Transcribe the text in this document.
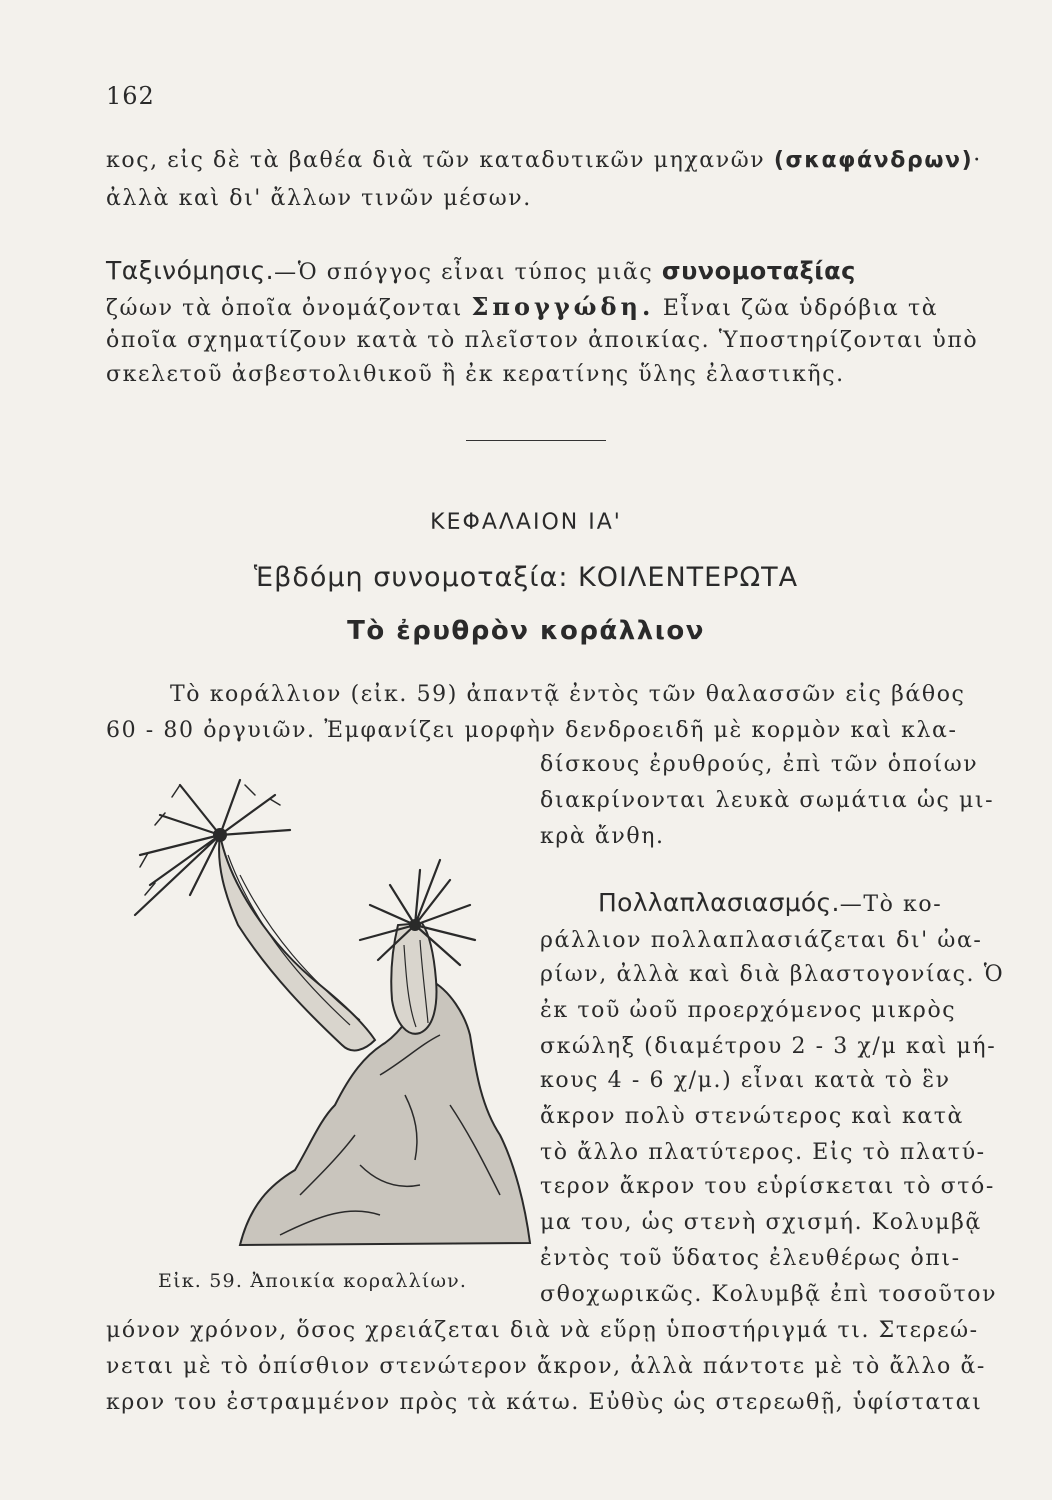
162
κος, εἰς δὲ τὰ βαθέα διὰ τῶν καταδυτικῶν μηχανῶν (σκαφάνδρων)·
ἀλλὰ καὶ δι' ἄλλων τινῶν μέσων.
Ταξινόμησις.—Ὁ σπόγγος εἶναι τύπος μιᾶς συνομοταξίας
ζώων τὰ ὁποῖα ὀνομάζονται Σπογγώδη. Εἶναι ζῶα ὑδρόβια τὰ
ὁποῖα σχηματίζουν κατὰ τὸ πλεῖστον ἀποικίας. Ὑποστηρίζονται ὑπὸ
σκελετοῦ ἀσβεστολιθικοῦ ἢ ἐκ κερατίνης ὕλης ἐλαστικῆς.
ΚΕΦΑΛΑΙΟΝ ΙΑ'
Ἑβδόμη συνομοταξία: ΚΟΙΛΕΝΤΕΡΩΤΑ
Τὸ ἐρυθρὸν κοράλλιον
Τὸ κοράλλιον (εἰκ. 59) ἀπαντᾷ ἐντὸς τῶν θαλασσῶν εἰς βάθος
60 - 80 ὀργυιῶν. Ἐμφανίζει μορφὴν δενδροειδῆ μὲ κορμὸν καὶ κλα-
δίσκους ἐρυθρούς, ἐπὶ τῶν ὁποίων
διακρίνονται λευκὰ σωμάτια ὡς μι-
κρὰ ἄνθη.
Πολλαπλασιασμός.—Τὸ κο-
ράλλιον πολλαπλασιάζεται δι' ὠα-
ρίων, ἀλλὰ καὶ διὰ βλαστογονίας. Ὁ
ἐκ τοῦ ὠοῦ προερχόμενος μικρὸς
σκώληξ (διαμέτρου 2 - 3 χ/μ καὶ μή-
κους 4 - 6 χ/μ.) εἶναι κατὰ τὸ ἓν
ἄκρον πολὺ στενώτερος καὶ κατὰ
τὸ ἄλλο πλατύτερος. Εἰς τὸ πλατύ-
τερον ἄκρον του εὑρίσκεται τὸ στό-
μα του, ὡς στενὴ σχισμή. Κολυμβᾷ
ἐντὸς τοῦ ὕδατος ἐλευθέρως ὀπι-
σθοχωρικῶς. Κολυμβᾷ ἐπὶ τοσοῦτον
Εἰκ. 59. Ἀποικία κοραλλίων.
μόνον χρόνον, ὅσος χρειάζεται διὰ νὰ εὕρῃ ὑποστήριγμά τι. Στερεώ-
νεται μὲ τὸ ὀπίσθιον στενώτερον ἄκρον, ἀλλὰ πάντοτε μὲ τὸ ἄλλο ἄ-
κρον του ἐστραμμένον πρὸς τὰ κάτω. Εὐθὺς ὡς στερεωθῇ, ὑφίσταται
